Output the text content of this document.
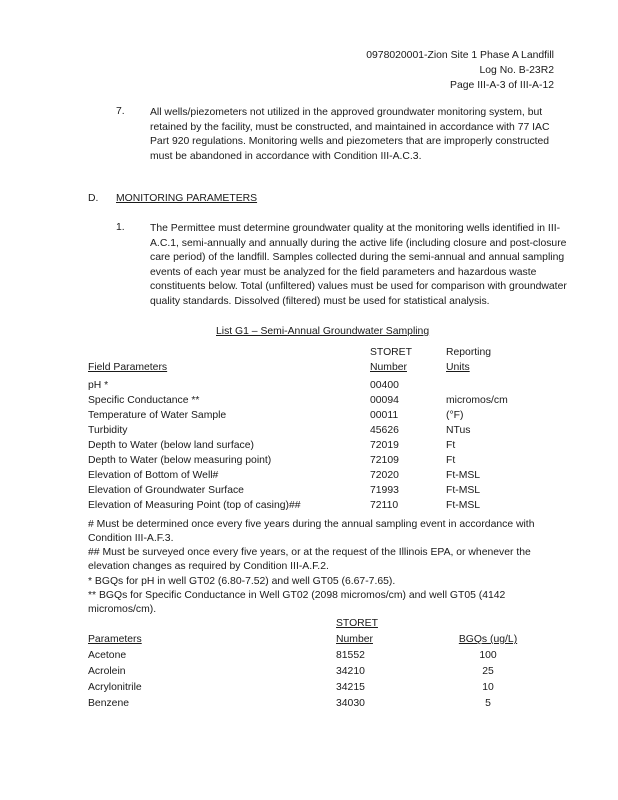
0978020001-Zion Site 1 Phase A Landfill
Log No. B-23R2
Page III-A-3 of III-A-12
7. All wells/piezometers not utilized in the approved groundwater monitoring system, but retained by the facility, must be constructed, and maintained in accordance with 77 IAC Part 920 regulations. Monitoring wells and piezometers that are improperly constructed must be abandoned in accordance with Condition III-A.C.3.
D. MONITORING PARAMETERS
1. The Permittee must determine groundwater quality at the monitoring wells identified in III-A.C.1, semi-annually and annually during the active life (including closure and post-closure care period) of the landfill. Samples collected during the semi-annual and annual sampling events of each year must be analyzed for the field parameters and hazardous waste constituents below. Total (unfiltered) values must be used for comparison with groundwater quality standards. Dissolved (filtered) must be used for statistical analysis.
List G1 – Semi-Annual Groundwater Sampling
STORET	Reporting
Field Parameters	Number	Units
pH *	00400
Specific Conductance **	00094	micromos/cm
Temperature of Water Sample	00011	(°F)
Turbidity	45626	NTus
Depth to Water (below land surface)	72019	Ft
Depth to Water (below measuring point)	72109	Ft
Elevation of Bottom of Well#	72020	Ft-MSL
Elevation of Groundwater Surface	71993	Ft-MSL
Elevation of Measuring Point (top of casing)##	72110	Ft-MSL
# Must be determined once every five years during the annual sampling event in accordance with Condition III-A.F.3.
## Must be surveyed once every five years, or at the request of the Illinois EPA, or whenever the elevation changes as required by Condition III-A.F.2.
* BGQs for pH in well GT02 (6.80-7.52) and well GT05 (6.67-7.65).
** BGQs for Specific Conductance in Well GT02 (2098 micromos/cm) and well GT05 (4142 micromos/cm).
STORET
Parameters	Number	BGQs (ug/L)
Acetone	81552	100
Acrolein	34210	25
Acrylonitrile	34215	10
Benzene	34030	5
